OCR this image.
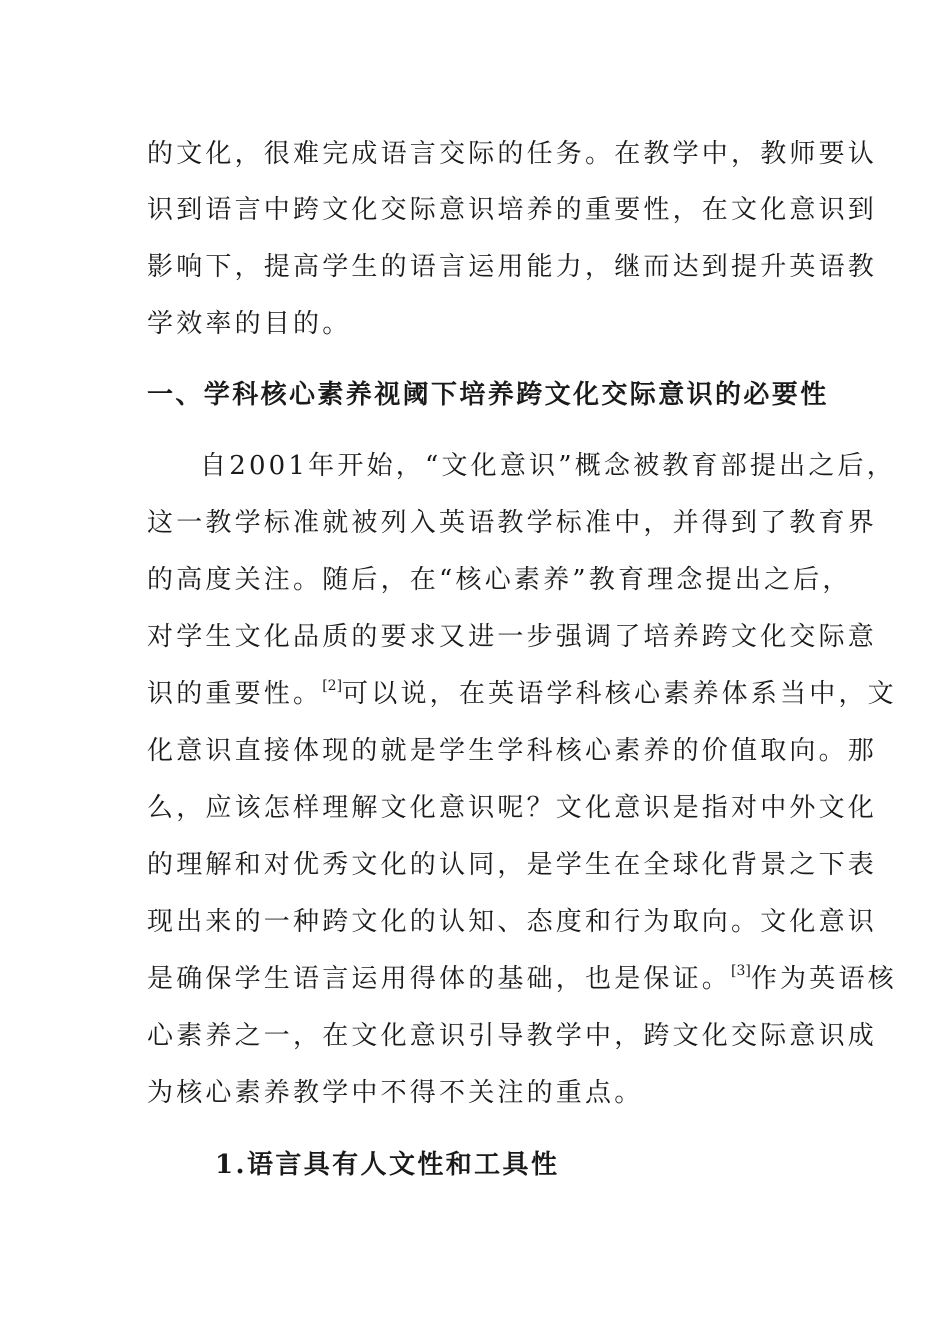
的文化，很难完成语言交际的任务。在教学中，教师要认
识到语言中跨文化交际意识培养的重要性，在文化意识到
影响下，提高学生的语言运用能力，继而达到提升英语教
学效率的目的。
一、学科核心素养视阈下培养跨文化交际意识的必要性
自2001年开始，“文化意识”概念被教育部提出之后，
这一教学标准就被列入英语教学标准中，并得到了教育界
的高度关注。随后，在“核心素养”教育理念提出之后，
对学生文化品质的要求又进一步强调了培养跨文化交际意
识的重要性。[2]可以说，在英语学科核心素养体系当中，文
化意识直接体现的就是学生学科核心素养的价值取向。那
么，应该怎样理解文化意识呢？文化意识是指对中外文化
的理解和对优秀文化的认同，是学生在全球化背景之下表
现出来的一种跨文化的认知、态度和行为取向。文化意识
是确保学生语言运用得体的基础，也是保证。[3]作为英语核
心素养之一，在文化意识引导教学中，跨文化交际意识成
为核心素养教学中不得不关注的重点。
1.语言具有人文性和工具性
